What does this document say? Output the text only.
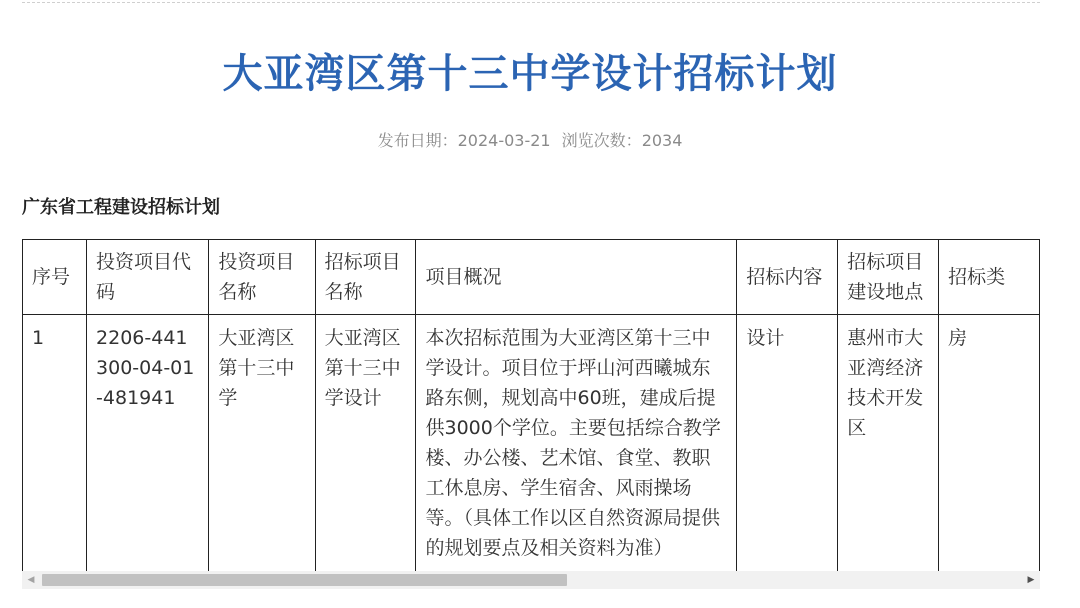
大亚湾区第十三中学设计招标计划
发布日期：2024-03-21 浏览次数：2034
广东省工程建设招标计划
序号	投资项目代码	投资项目名称	招标项目名称	项目概况	招标内容	招标项目建设地点	招标类
1	2206-441300-04-01-481941	大亚湾区第十三中学	大亚湾区第十三中学设计	本次招标范围为大亚湾区第十三中学设计。项目位于坪山河西曦城东路东侧，规划高中60班，建成后提供3000个学位。主要包括综合教学楼、办公楼、艺术馆、食堂、教职工休息房、学生宿舍、风雨操场等。（具体工作以区自然资源局提供的规划要点及相关资料为准）	设计	惠州市大亚湾经济技术开发区	房
◀	▶
